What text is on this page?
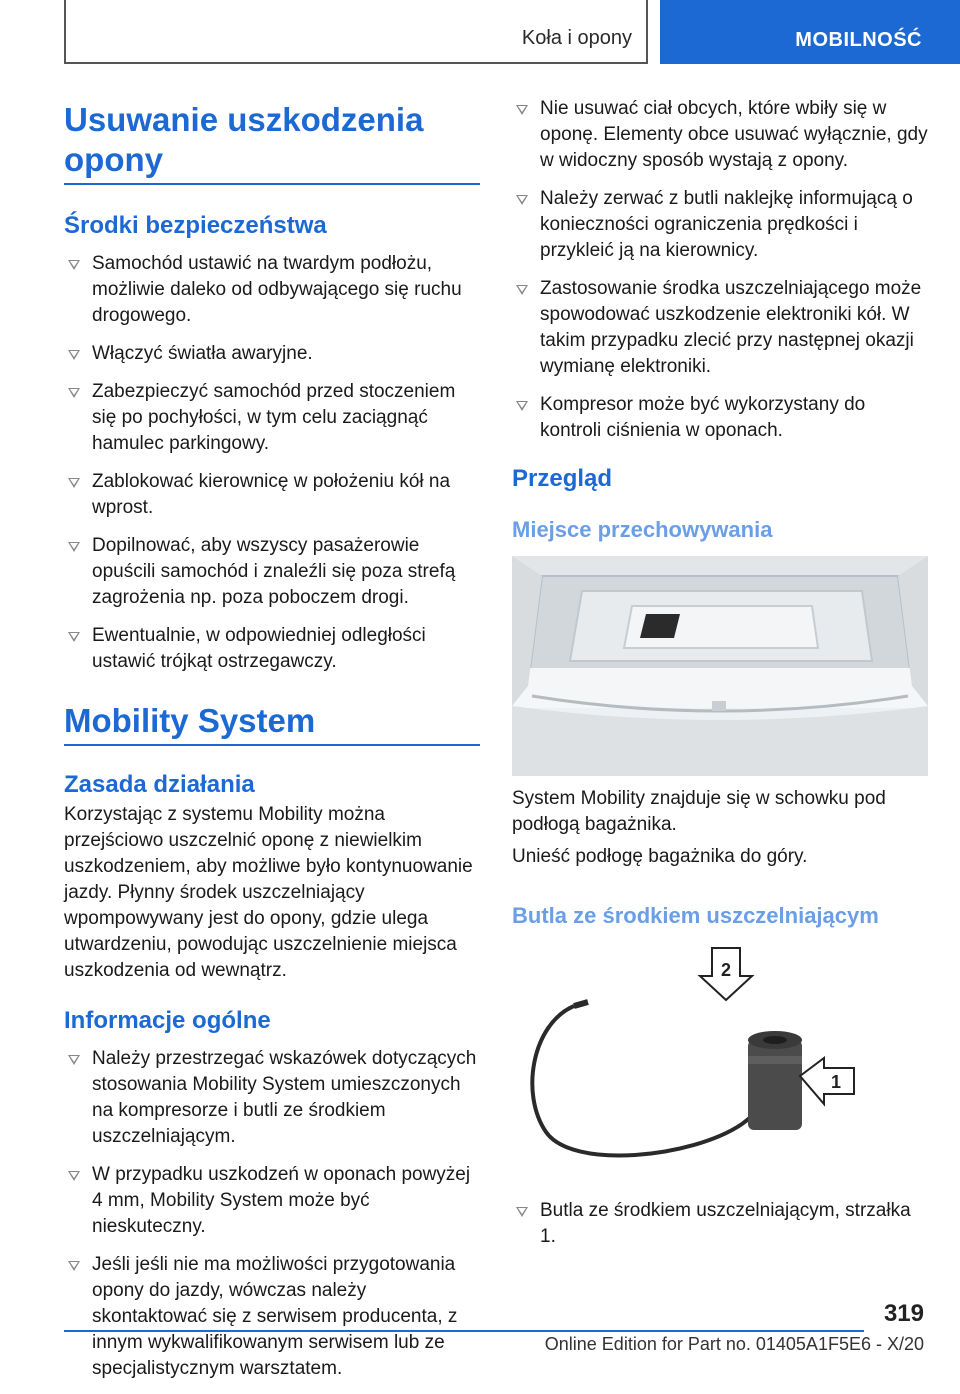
Koła i opony	MOBILNOŚĆ
Usuwanie uszkodzenia opony
Środki bezpieczeństwa
Samochód ustawić na twardym podłożu, możliwie daleko od odbywającego się ruchu drogowego.
Włączyć światła awaryjne.
Zabezpieczyć samochód przed stoczeniem się po pochyłości, w tym celu zaciągnąć hamulec parkingowy.
Zablokować kierownicę w położeniu kół na wprost.
Dopilnować, aby wszyscy pasażerowie opuścili samochód i znaleźli się poza strefą zagrożenia np. poza poboczem drogi.
Ewentualnie, w odpowiedniej odległości ustawić trójkąt ostrzegawczy.
Mobility System
Zasada działania

Korzystając z systemu Mobility można przejściowo uszczelnić oponę z niewielkim uszkodzeniem, aby możliwe było kontynuowanie jazdy. Płynny środek uszczelniający wpompowywany jest do opony, gdzie ulega utwardzeniu, powodując uszczelnienie miejsca uszkodzenia od wewnątrz.

Informacje ogólne
Należy przestrzegać wskazówek dotyczących stosowania Mobility System umieszczonych na kompresorze i butli ze środkiem uszczelniającym.
W przypadku uszkodzeń w oponach powyżej 4 mm, Mobility System może być nieskuteczny.
Jeśli jeśli nie ma możliwości przygotowania opony do jazdy, wówczas należy skontaktować się z serwisem producenta, z innym wykwalifikowanym serwisem lub ze specjalistycznym warsztatem.
Nie usuwać ciał obcych, które wbiły się w oponę. Elementy obce usuwać wyłącznie, gdy w widoczny sposób wystają z opony.
Należy zerwać z butli naklejkę informującą o konieczności ograniczenia prędkości i przykleić ją na kierownicy.
Zastosowanie środka uszczelniającego może spowodować uszkodzenie elektroniki kół. W takim przypadku zlecić przy następnej okazji wymianę elektroniki.
Kompresor może być wykorzystany do kontroli ciśnienia w oponach.
Przegląd
Miejsce przechowywania

System Mobility znajduje się w schowku pod podłogą bagażnika.

Unieść podłogę bagażnika do góry.

Butla ze środkiem uszczelniającym
2
1
Butla ze środkiem uszczelniającym, strzałka 1.
319
Online Edition for Part no. 01405A1F5E6 - X/20
